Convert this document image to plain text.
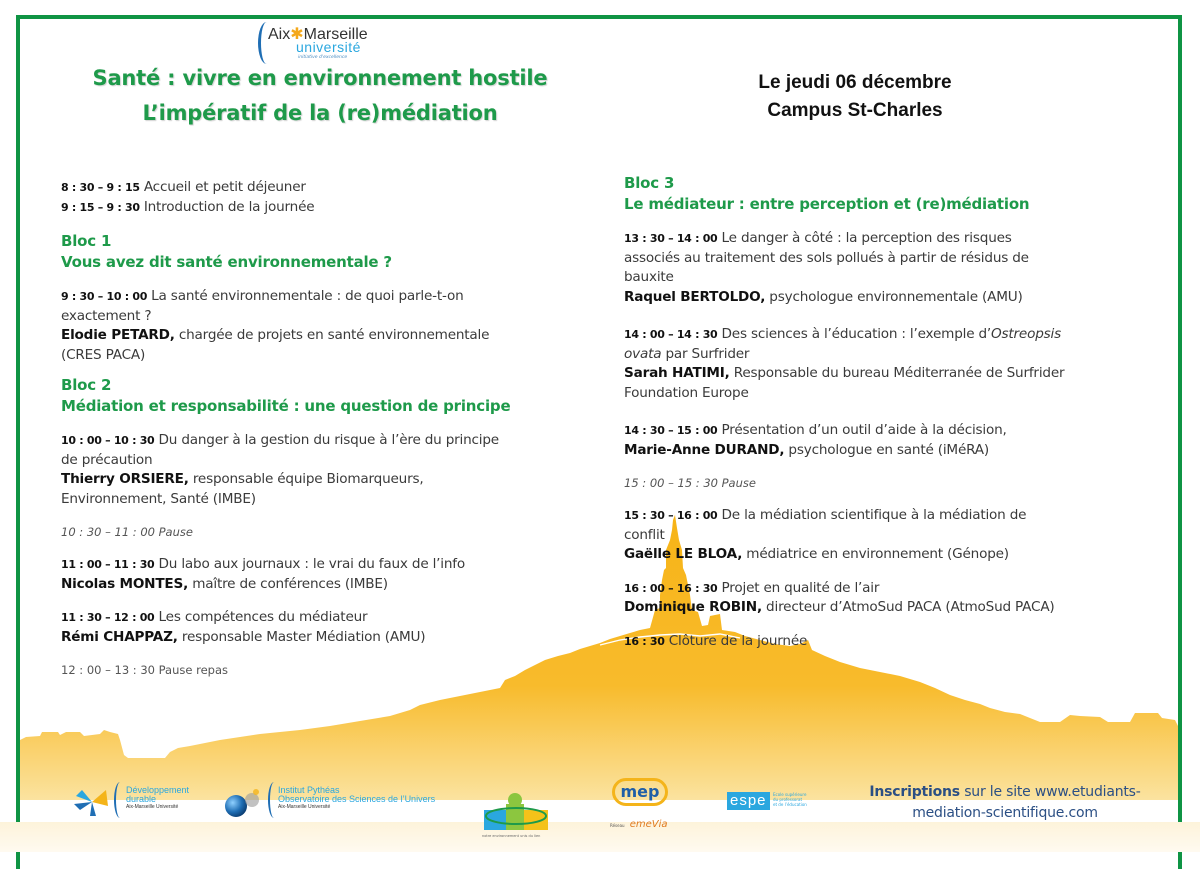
Aix✱Marseille
université
initiative d'excellence
Santé : vivre en environnement hostile
L’impératif de la (re)médiation
Le jeudi 06 décembre
Campus St-Charles
8 : 30 – 9 : 15 Accueil et petit déjeuner
9 : 15 – 9 : 30 Introduction de la journée
Bloc 1
Vous avez dit santé environnementale ?
9 : 30 – 10 : 00 La santé environnementale : de quoi parle-t-on
exactement ?
Elodie PETARD, chargée de projets en santé environnementale
(CRES PACA)
Bloc 2
Médiation et responsabilité : une question de principe
10 : 00 – 10 : 30 Du danger à la gestion du risque à l’ère du principe
de précaution
Thierry ORSIERE, responsable équipe Biomarqueurs,
Environnement, Santé (IMBE)
10 : 30 – 11 : 00 Pause
11 : 00 – 11 : 30 Du labo aux journaux : le vrai du faux de l’info
Nicolas MONTES, maître de conférences (IMBE)
11 : 30 – 12 : 00 Les compétences du médiateur
Rémi CHAPPAZ, responsable Master Médiation (AMU)
12 : 00 – 13 : 30 Pause repas
Bloc 3
Le médiateur : entre perception et (re)médiation
13 : 30 – 14 : 00 Le danger à côté : la perception des risques
associés au traitement des sols pollués à partir de résidus de
bauxite
Raquel BERTOLDO, psychologue environnementale (AMU)
14 : 00 – 14 : 30 Des sciences à l’éducation : l’exemple d’Ostreopsis
ovata par Surfrider
Sarah HATIMI, Responsable du bureau Méditerranée de Surfrider
Foundation Europe
14 : 30 – 15 : 00 Présentation d’un outil d’aide à la décision,
Marie-Anne DURAND, psychologue en santé (iMéRA)
15 : 00 – 15 : 30 Pause
15 : 30 – 16 : 00 De la médiation scientifique à la médiation de
conflit
Gaëlle LE BLOA, médiatrice en environnement (Génope)
16 : 00 – 16 : 30 Projet en qualité de l’air
Dominique ROBIN, directeur d’AtmoSud PACA (AtmoSud PACA)
16 : 30 Clôture de la journée
Développement
durable
Aix-Marseille Université
Institut Pythéas
Observatoire des Sciences de l’Univers
Aix-Marseille Université
notre environnement unis du lien
mep
Réseau emeVia
espe	Ecole supérieure
du professorat
et de l’éducation
Inscriptions sur le site www.etudiants-
mediation-scientifique.com
